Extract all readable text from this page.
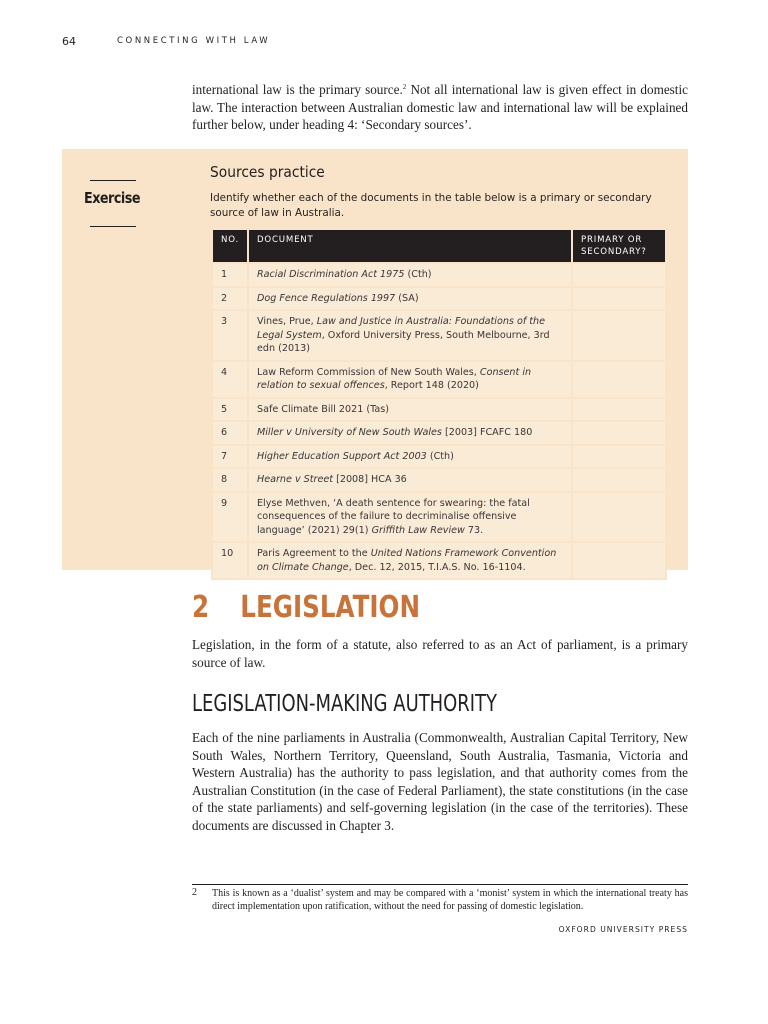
64	CONNECTING WITH LAW

international law is the primary source.$^2$ Not all international law is given effect in domestic law. The interaction between Australian domestic law and international law will be explained further below, under heading 4: ‘Secondary sources’.

Exercise
Sources practice

Identify whether each of the documents in the table below is a primary or secondary source of law in Australia.

NO.	DOCUMENT	PRIMARY OR SECONDARY?
1	Racial Discrimination Act 1975 (Cth)	
2	Dog Fence Regulations 1997 (SA)	
3	Vines, Prue, Law and Justice in Australia: Foundations of the Legal System, Oxford University Press, South Melbourne, 3rd edn (2013)	
4	Law Reform Commission of New South Wales, Consent in relation to sexual offences, Report 148 (2020)	
5	Safe Climate Bill 2021 (Tas)	
6	Miller v University of New South Wales [2003] FCAFC 180	
7	Higher Education Support Act 2003 (Cth)	
8	Hearne v Street [2008] HCA 36	
9	Elyse Methven, ‘A death sentence for swearing: the fatal consequences of the failure to decriminalise offensive language’ (2021) 29(1) Griffith Law Review 73.	
10	Paris Agreement to the United Nations Framework Convention on Climate Change, Dec. 12, 2015, T.I.A.S. No. 16-1104.	
2 LEGISLATION

Legislation, in the form of a statute, also referred to as an Act of parliament, is a primary source of law.

LEGISLATION-MAKING AUTHORITY

Each of the nine parliaments in Australia (Commonwealth, Australian Capital Territory, New South Wales, Northern Territory, Queensland, South Australia, Tasmania, Victoria and Western Australia) has the authority to pass legislation, and that authority comes from the Australian Constitution (in the case of Federal Parliament), the state constitutions (in the case of the state parliaments) and self-governing legislation (in the case of the territories). These documents are discussed in Chapter 3.

2 This is known as a ‘dualist’ system and may be compared with a ‘monist’ system in which the international treaty has direct implementation upon ratification, without the need for passing of domestic legislation.

OXFORD UNIVERSITY PRESS
